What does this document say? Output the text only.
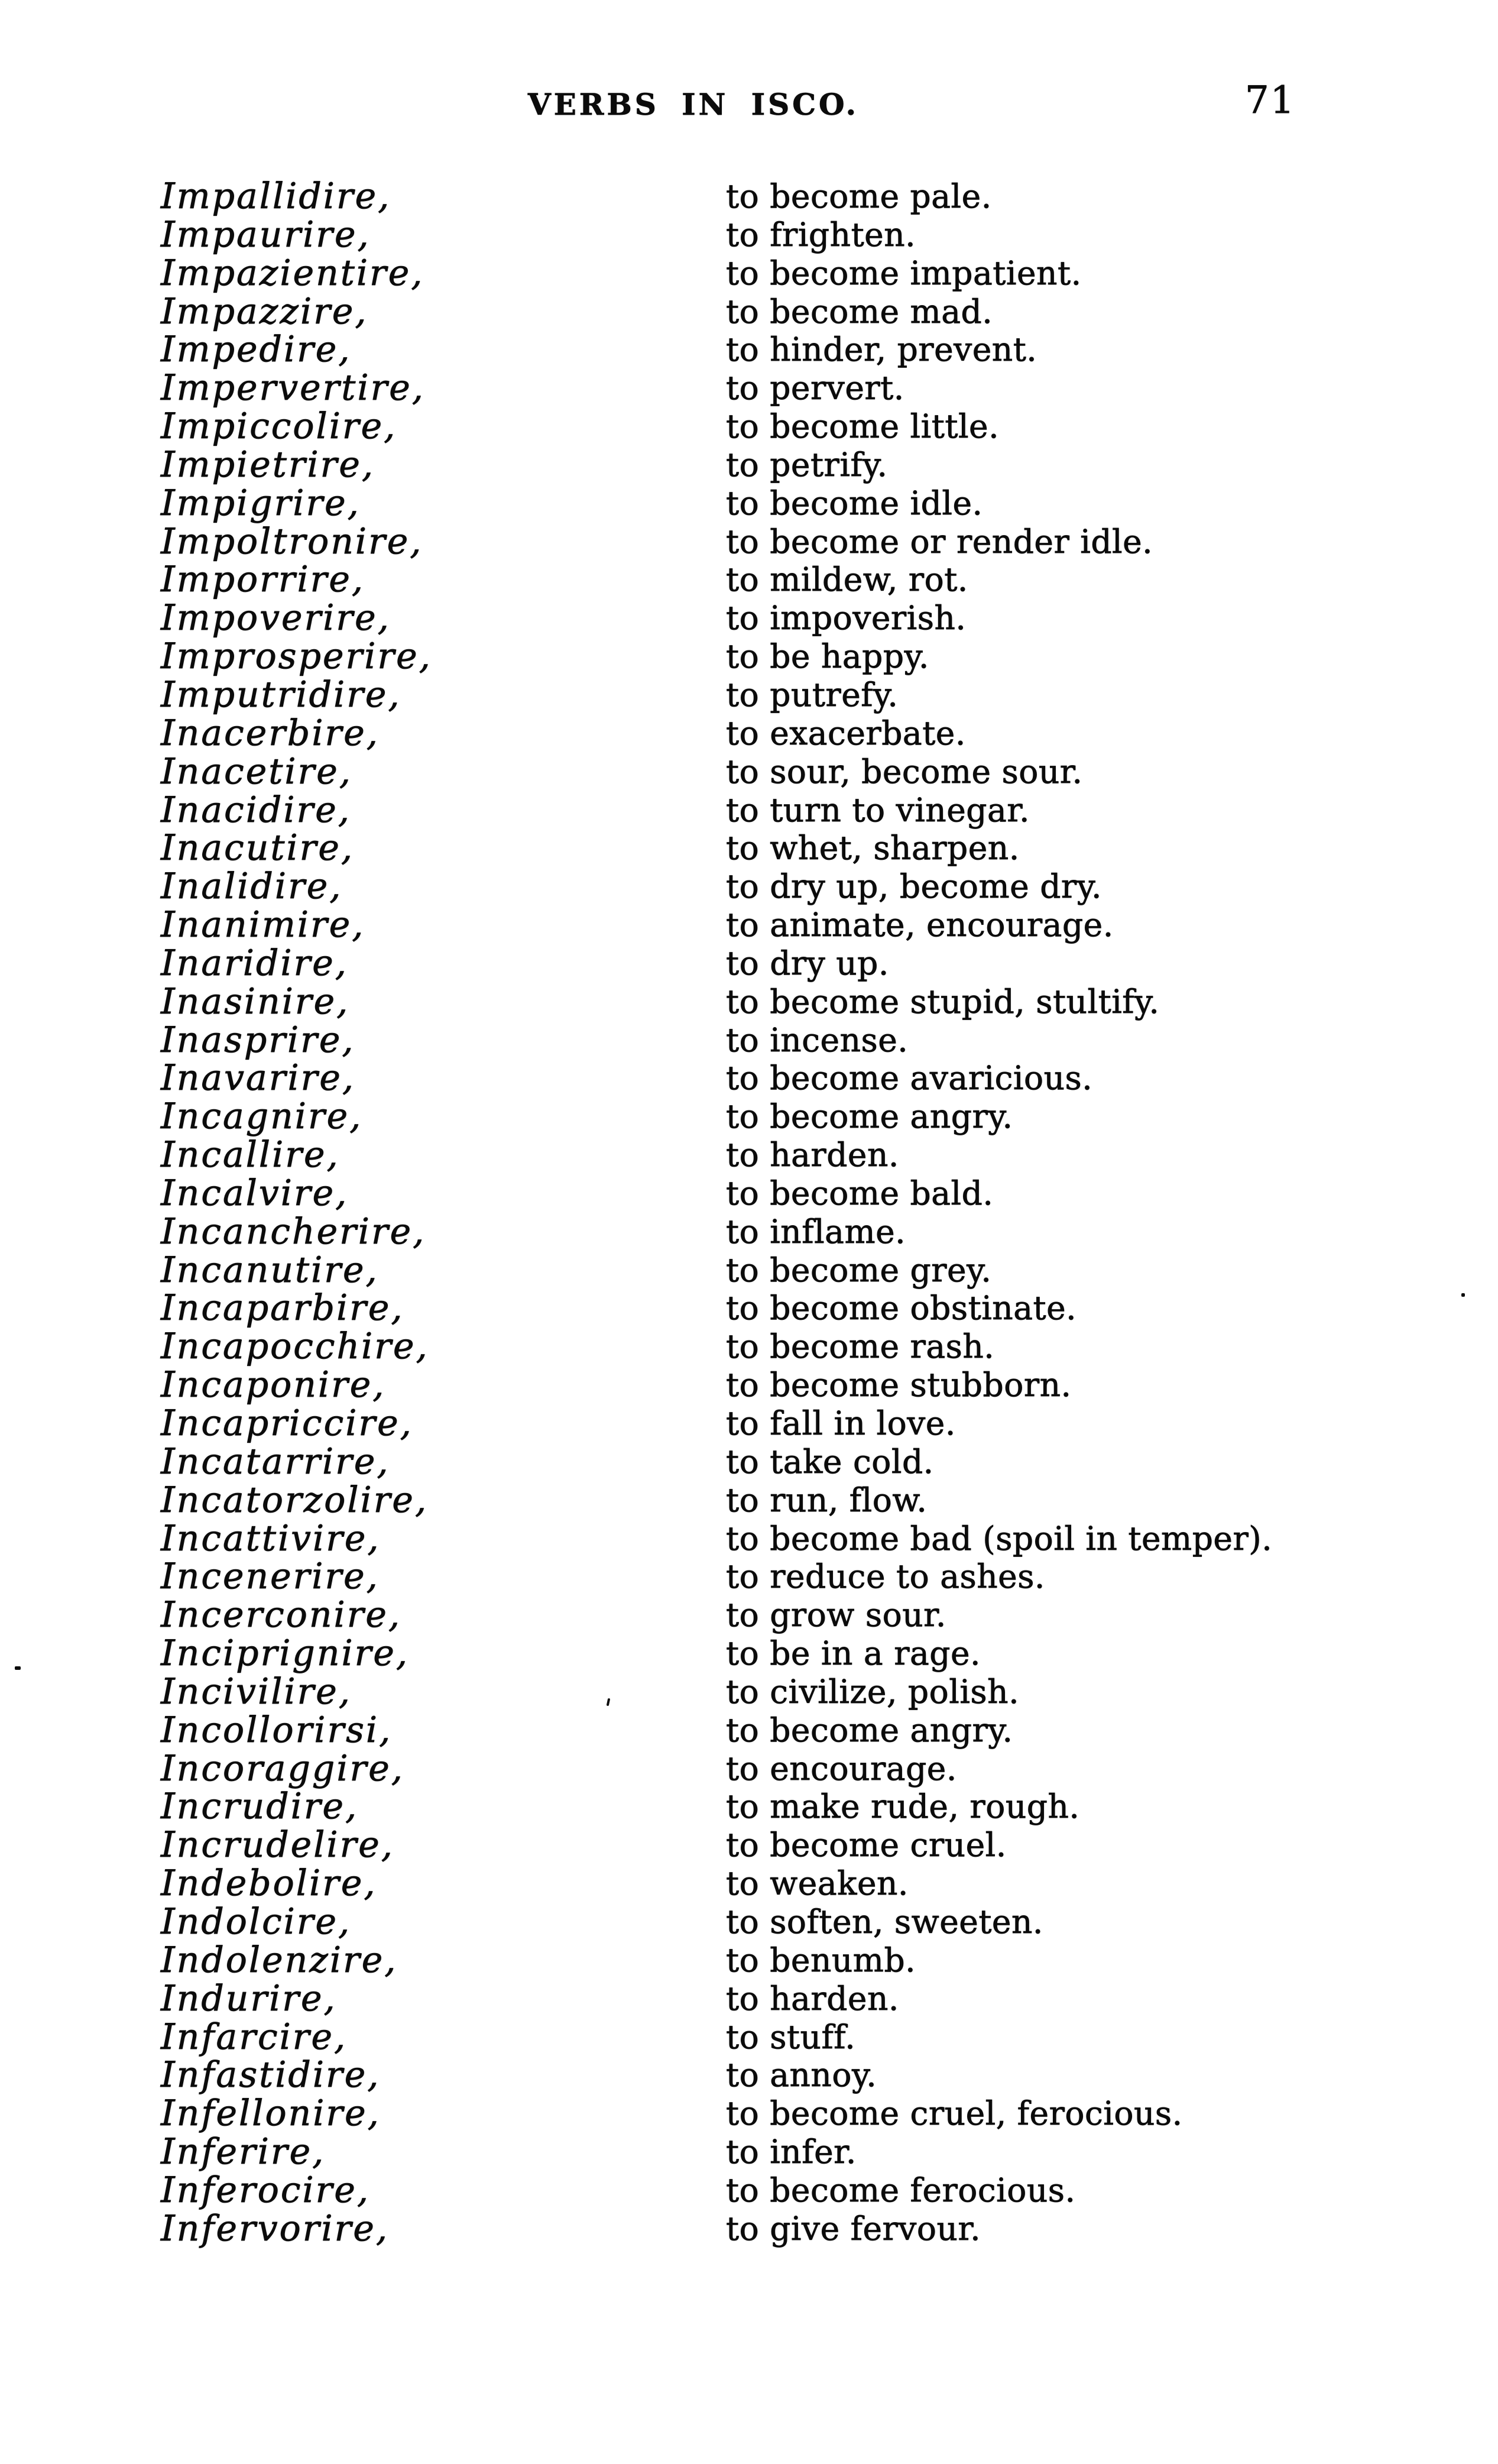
VERBS IN ISCO.	71
Impallidire,	to become pale.
Impaurire,	to frighten.
Impazientire,	to become impatient.
Impazzire,	to become mad.
Impedire,	to hinder, prevent.
Impervertire,	to pervert.
Impiccolire,	to become little.
Impietrire,	to petrify.
Impigrire,	to become idle.
Impoltronire,	to become or render idle.
Imporrire,	to mildew, rot.
Impoverire,	to impoverish.
Improsperire,	to be happy.
Imputridire,	to putrefy.
Inacerbire,	to exacerbate.
Inacetire,	to sour, become sour.
Inacidire,	to turn to vinegar.
Inacutire,	to whet, sharpen.
Inalidire,	to dry up, become dry.
Inanimire,	to animate, encourage.
Inaridire,	to dry up.
Inasinire,	to become stupid, stultify.
Inasprire,	to incense.
Inavarire,	to become avaricious.
Incagnire,	to become angry.
Incallire,	to harden.
Incalvire,	to become bald.
Incancherire,	to inflame.
Incanutire,	to become grey.
Incaparbire,	to become obstinate.
Incapocchire,	to become rash.
Incaponire,	to become stubborn.
Incapriccire,	to fall in love.
Incatarrire,	to take cold.
Incatorzolire,	to run, flow.
Incattivire,	to become bad (spoil in temper).
Incenerire,	to reduce to ashes.
Incerconire,	to grow sour.
Inciprignire,	to be in a rage.
Incivilire,	to civilize, polish.
Incollorirsi,	to become angry.
Incoraggire,	to encourage.
Incrudire,	to make rude, rough.
Incrudelire,	to become cruel.
Indebolire,	to weaken.
Indolcire,	to soften, sweeten.
Indolenzire,	to benumb.
Indurire,	to harden.
Infarcire,	to stuff.
Infastidire,	to annoy.
Infellonire,	to become cruel, ferocious.
Inferire,	to infer.
Inferocire,	to become ferocious.
Infervorire,	to give fervour.
